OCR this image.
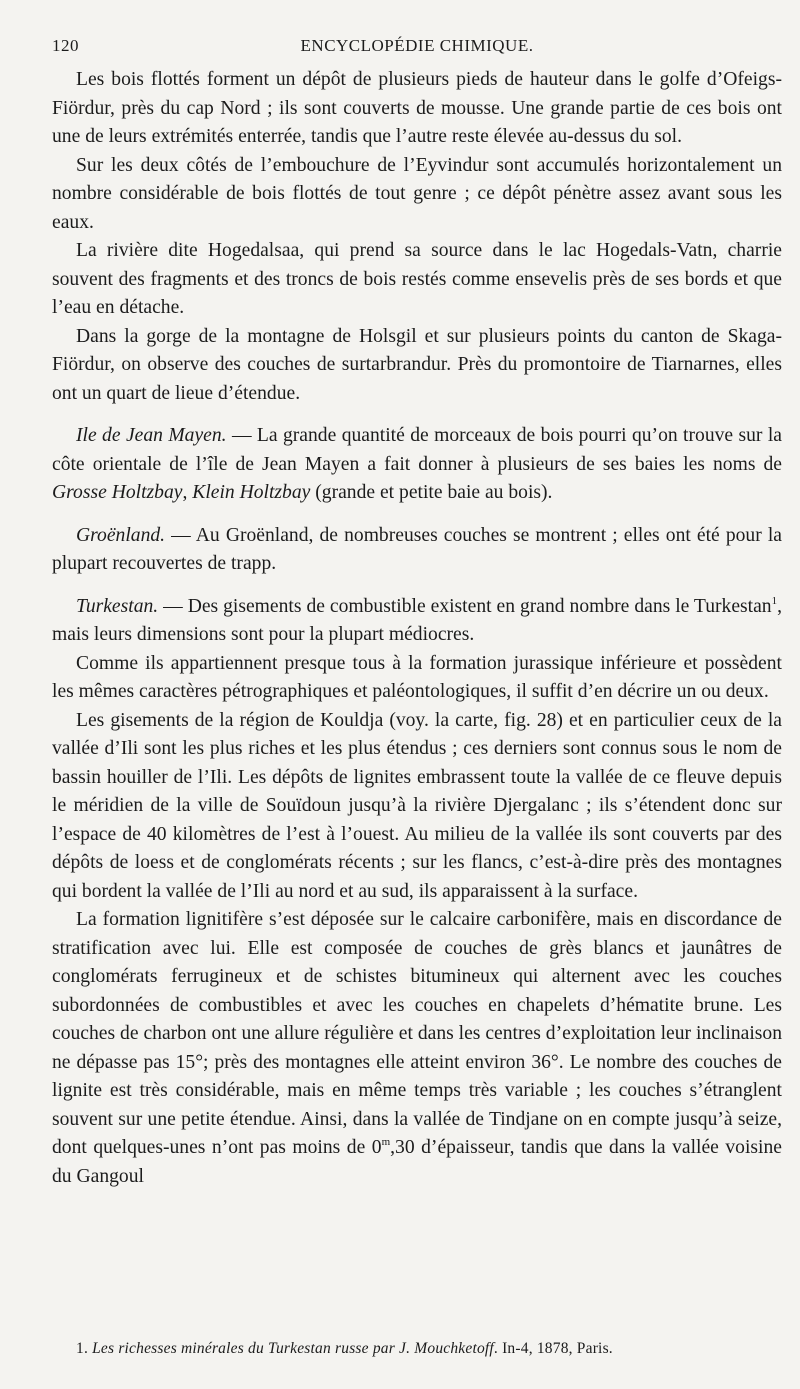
120	ENCYCLOPÉDIE CHIMIQUE.

Les bois flottés forment un dépôt de plusieurs pieds de hauteur dans le golfe d’Ofeigs-Fiördur, près du cap Nord ; ils sont couverts de mousse. Une grande partie de ces bois ont une de leurs extrémités enterrée, tandis que l’autre reste élevée au-dessus du sol.

Sur les deux côtés de l’embouchure de l’Eyvindur sont accumulés horizontalement un nombre considérable de bois flottés de tout genre ; ce dépôt pénètre assez avant sous les eaux.

La rivière dite Hogedalsaa, qui prend sa source dans le lac Hogedals-Vatn, charrie souvent des fragments et des troncs de bois restés comme ensevelis près de ses bords et que l’eau en détache.

Dans la gorge de la montagne de Holsgil et sur plusieurs points du canton de Skaga-Fiördur, on observe des couches de surtarbrandur. Près du promontoire de Tiarnarnes, elles ont un quart de lieue d’étendue.

Ile de Jean Mayen. — La grande quantité de morceaux de bois pourri qu’on trouve sur la côte orientale de l’île de Jean Mayen a fait donner à plusieurs de ses baies les noms de Grosse Holtzbay, Klein Holtzbay (grande et petite baie au bois).

Groënland. — Au Groënland, de nombreuses couches se montrent ; elles ont été pour la plupart recouvertes de trapp.

Turkestan. — Des gisements de combustible existent en grand nombre dans le Turkestan$^1$, mais leurs dimensions sont pour la plupart médiocres.

Comme ils appartiennent presque tous à la formation jurassique inférieure et possèdent les mêmes caractères pétrographiques et paléontologiques, il suffit d’en décrire un ou deux.

Les gisements de la région de Kouldja (voy. la carte, fig. 28) et en particulier ceux de la vallée d’Ili sont les plus riches et les plus étendus ; ces derniers sont connus sous le nom de bassin houiller de l’Ili. Les dépôts de lignites embrassent toute la vallée de ce fleuve depuis le méridien de la ville de Souïdoun jusqu’à la rivière Djergalanc ; ils s’étendent donc sur l’espace de 40 kilomètres de l’est à l’ouest. Au milieu de la vallée ils sont couverts par des dépôts de loess et de conglomérats récents ; sur les flancs, c’est-à-dire près des montagnes qui bordent la vallée de l’Ili au nord et au sud, ils apparaissent à la surface.

La formation lignitifère s’est déposée sur le calcaire carbonifère, mais en discordance de stratification avec lui. Elle est composée de couches de grès blancs et jaunâtres de conglomérats ferrugineux et de schistes bitumineux qui alternent avec les couches subordonnées de combustibles et avec les couches en chapelets d’hématite brune. Les couches de charbon ont une allure régulière et dans les centres d’exploitation leur inclinaison ne dépasse pas 15°; près des montagnes elle atteint environ 36°. Le nombre des couches de lignite est très considérable, mais en même temps très variable ; les couches s’étranglent souvent sur une petite étendue. Ainsi, dans la vallée de Tindjane on en compte jusqu’à seize, dont quelques-unes n’ont pas moins de 0$^m$,30 d’épaisseur, tandis que dans la vallée voisine du Gangoul

1. Les richesses minérales du Turkestan russe par J. Mouchketoff. In-4, 1878, Paris.
